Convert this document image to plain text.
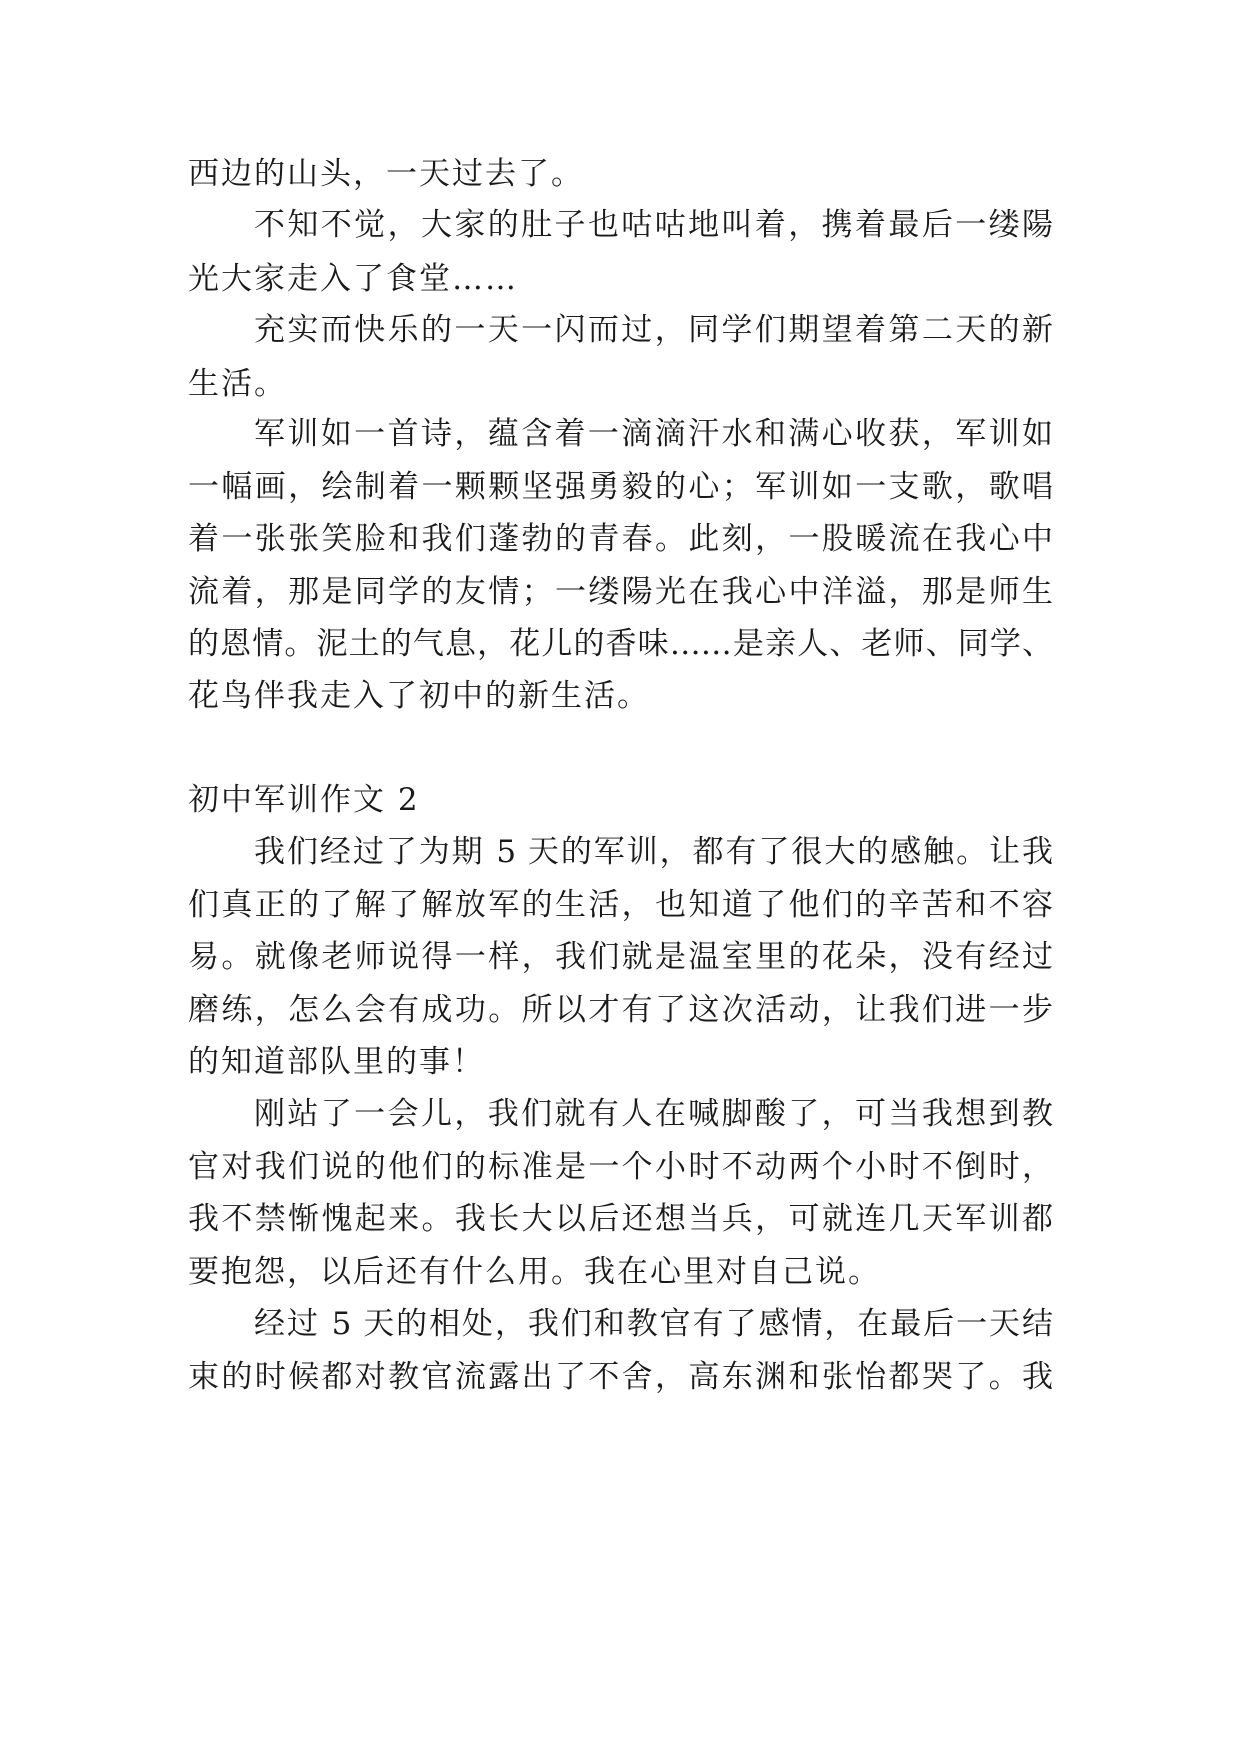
西边的山头，一天过去了。
不知不觉，大家的肚子也咕咕地叫着，携着最后一缕陽
光大家走入了食堂……
充实而快乐的一天一闪而过，同学们期望着第二天的新
生活。
军训如一首诗，蕴含着一滴滴汗水和满心收获，军训如
一幅画，绘制着一颗颗坚强勇毅的心；军训如一支歌，歌唱
着一张张笑脸和我们蓬勃的青春。此刻，一股暖流在我心中
流着，那是同学的友情；一缕陽光在我心中洋溢，那是师生
的恩情。泥土的气息，花儿的香味……是亲人、老师、同学、
花鸟伴我走入了初中的新生活。
初中军训作文 2
我们经过了为期 5 天的军训，都有了很大的感触。让我
们真正的了解了解放军的生活，也知道了他们的辛苦和不容
易。就像老师说得一样，我们就是温室里的花朵，没有经过
磨练，怎么会有成功。所以才有了这次活动，让我们进一步
的知道部队里的事！
刚站了一会儿，我们就有人在喊脚酸了，可当我想到教
官对我们说的他们的标准是一个小时不动两个小时不倒时，
我不禁惭愧起来。我长大以后还想当兵，可就连几天军训都
要抱怨，以后还有什么用。我在心里对自己说。
经过 5 天的相处，我们和教官有了感情，在最后一天结
束的时候都对教官流露出了不舍，高东渊和张怡都哭了。我
